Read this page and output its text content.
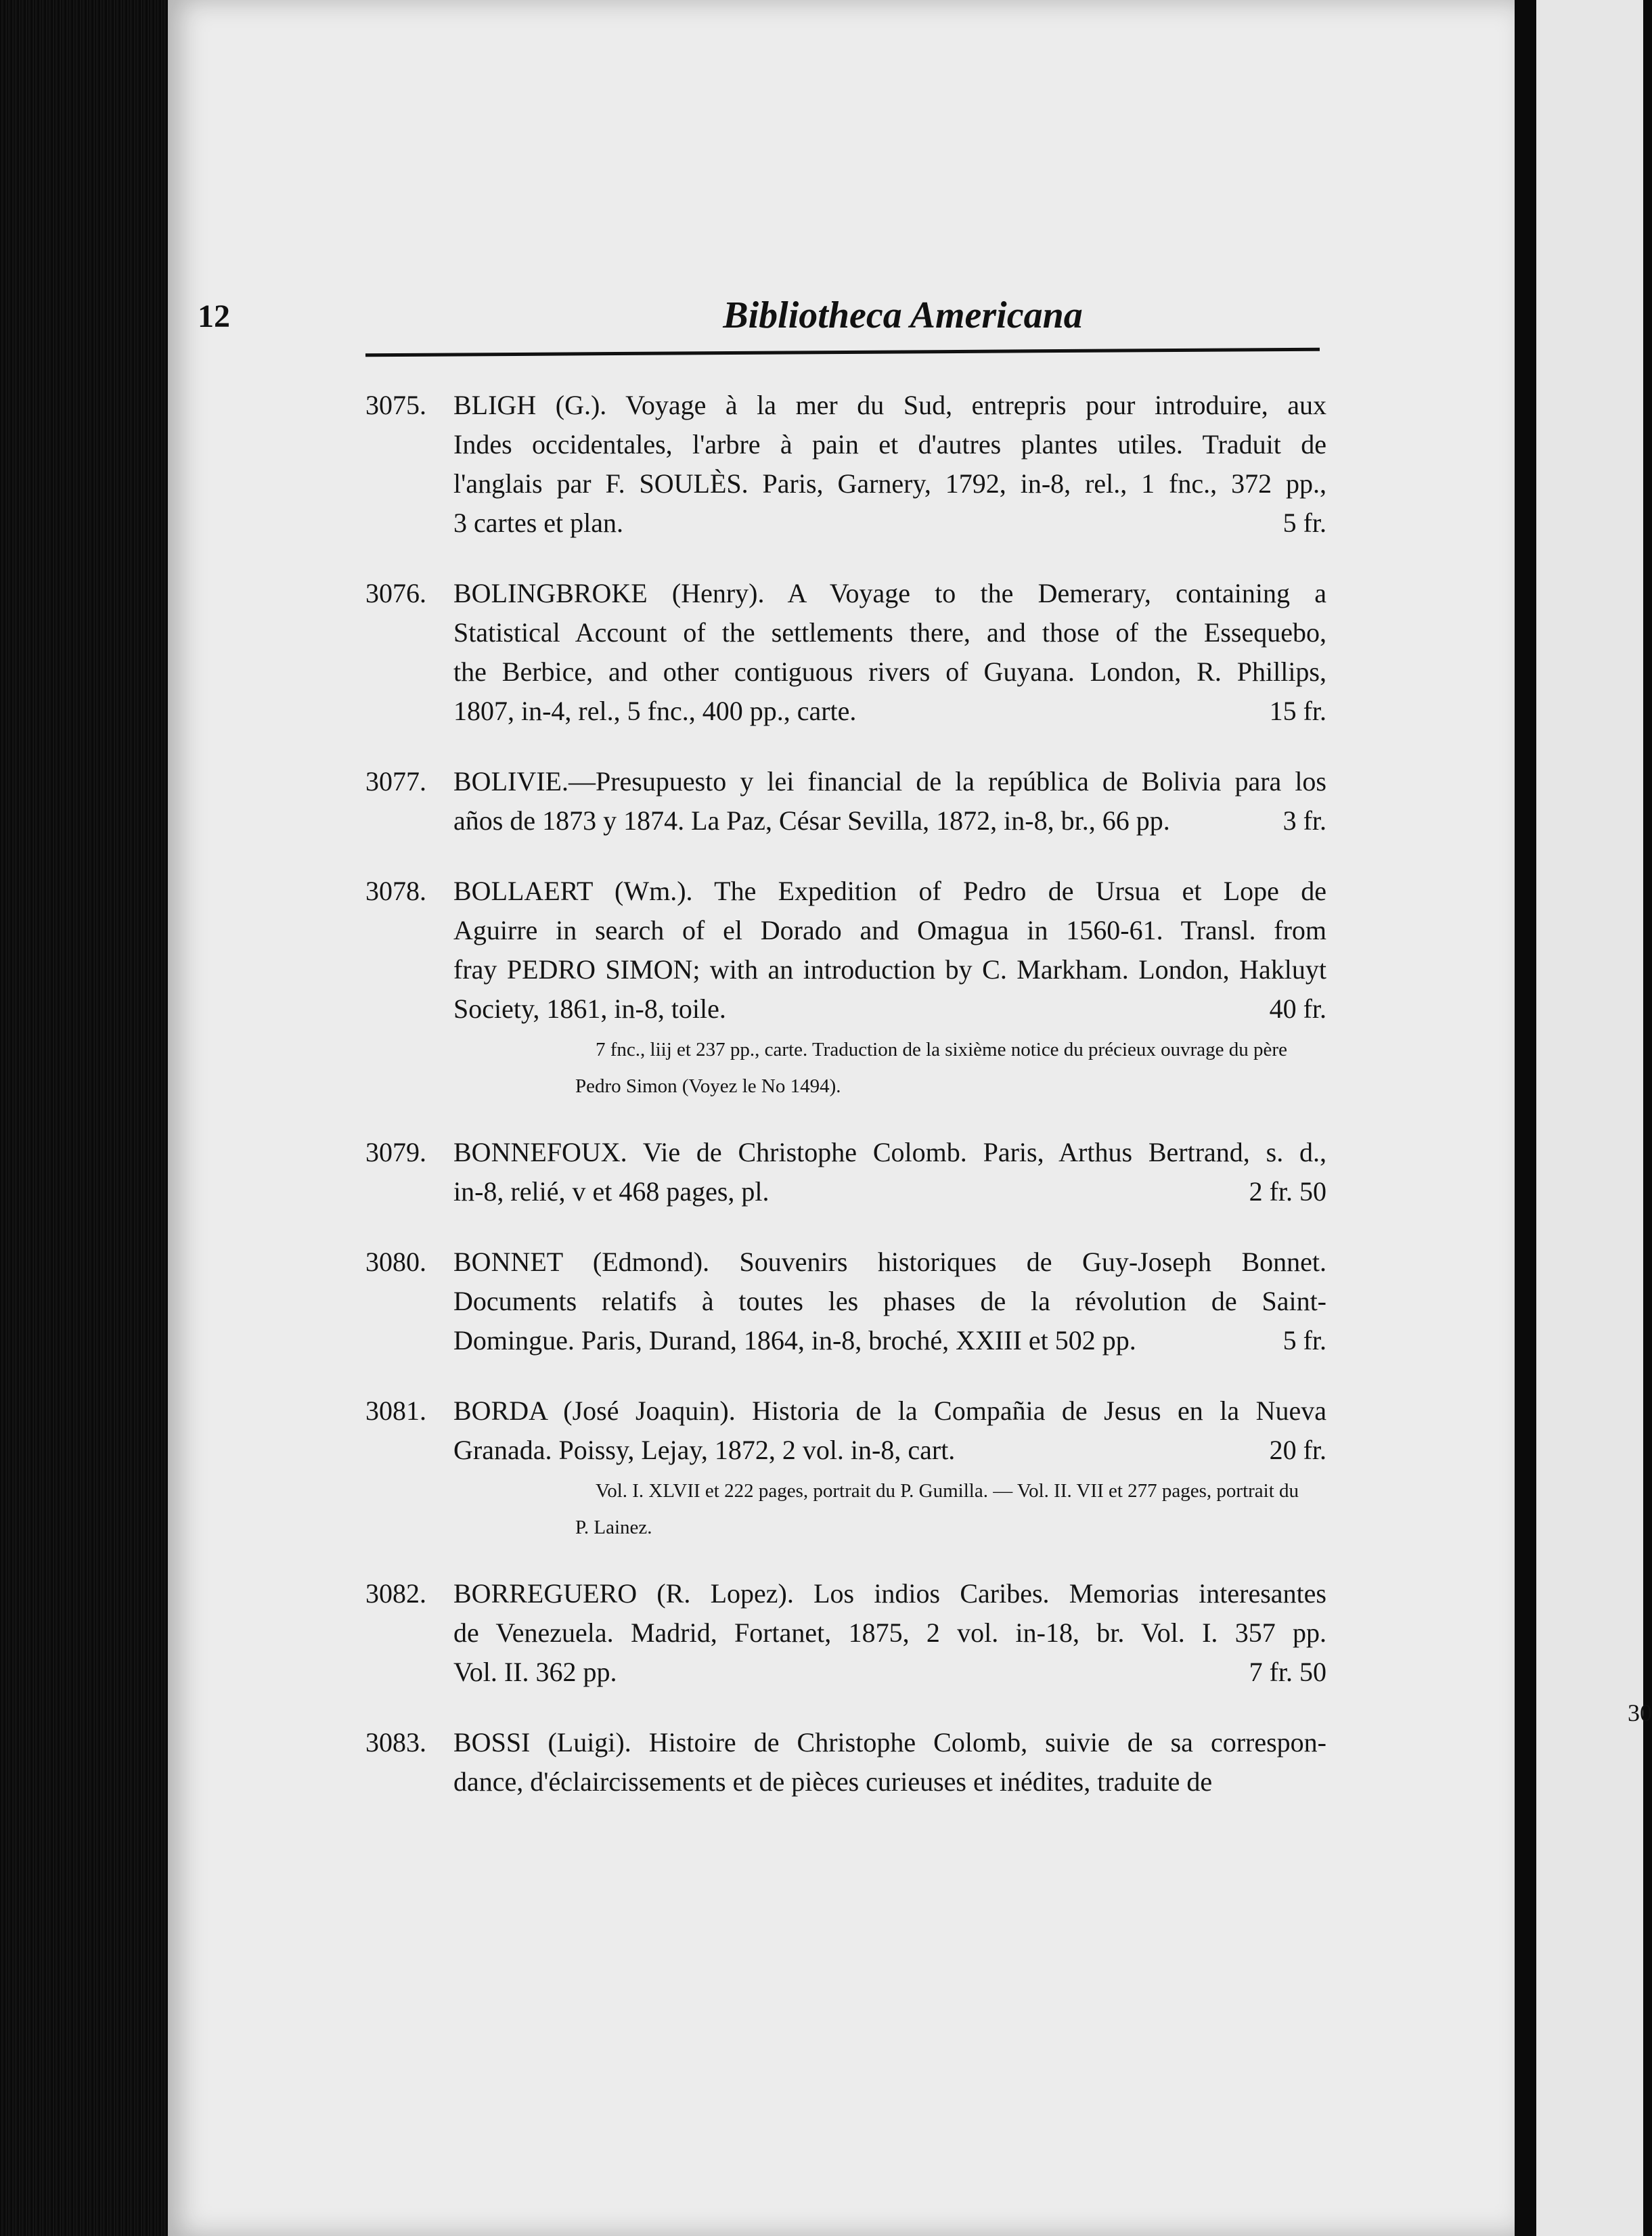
30
12	Bibliotheca Americana
3075. BLIGH (G.). Voyage à la mer du Sud, entrepris pour introduire, aux
Indes occidentales, l'arbre à pain et d'autres plantes utiles. Traduit de
l'anglais par F. SOULÈS. Paris, Garnery, 1792, in-8, rel., 1 fnc., 372 pp.,
3 cartes et plan.	5 fr.
3076. BOLINGBROKE (Henry). A Voyage to the Demerary, containing a
Statistical Account of the settlements there, and those of the Essequebo,
the Berbice, and other contiguous rivers of Guyana. London, R. Phillips,
1807, in-4, rel., 5 fnc., 400 pp., carte.	15 fr.
3077. BOLIVIE.—Presupuesto y lei financial de la república de Bolivia para los
años de 1873 y 1874. La Paz, César Sevilla, 1872, in-8, br., 66 pp.	3 fr.
3078. BOLLAERT (Wm.). The Expedition of Pedro de Ursua et Lope de
Aguirre in search of el Dorado and Omagua in 1560-61. Transl. from
fray PEDRO SIMON; with an introduction by C. Markham. London, Hakluyt
Society, 1861, in-8, toile.	40 fr.
7 fnc., liij et 237 pp., carte. Traduction de la sixième notice du précieux ouvrage du père
Pedro Simon (Voyez le No 1494).
3079. BONNEFOUX. Vie de Christophe Colomb. Paris, Arthus Bertrand, s. d.,
in-8, relié, v et 468 pages, pl.	2 fr. 50
3080. BONNET (Edmond). Souvenirs historiques de Guy-Joseph Bonnet.
Documents relatifs à toutes les phases de la révolution de Saint-
Domingue. Paris, Durand, 1864, in-8, broché, XXIII et 502 pp.	5 fr.
3081. BORDA (José Joaquin). Historia de la Compañia de Jesus en la Nueva
Granada. Poissy, Lejay, 1872, 2 vol. in-8, cart.	20 fr.
Vol. I. XLVII et 222 pages, portrait du P. Gumilla. — Vol. II. VII et 277 pages, portrait du
P. Lainez.
3082. BORREGUERO (R. Lopez). Los indios Caribes. Memorias interesantes
de Venezuela. Madrid, Fortanet, 1875, 2 vol. in-18, br. Vol. I. 357 pp.
Vol. II. 362 pp.	7 fr. 50
3083. BOSSI (Luigi). Histoire de Christophe Colomb, suivie de sa correspon-
dance, d'éclaircissements et de pièces curieuses et inédites, traduite de
